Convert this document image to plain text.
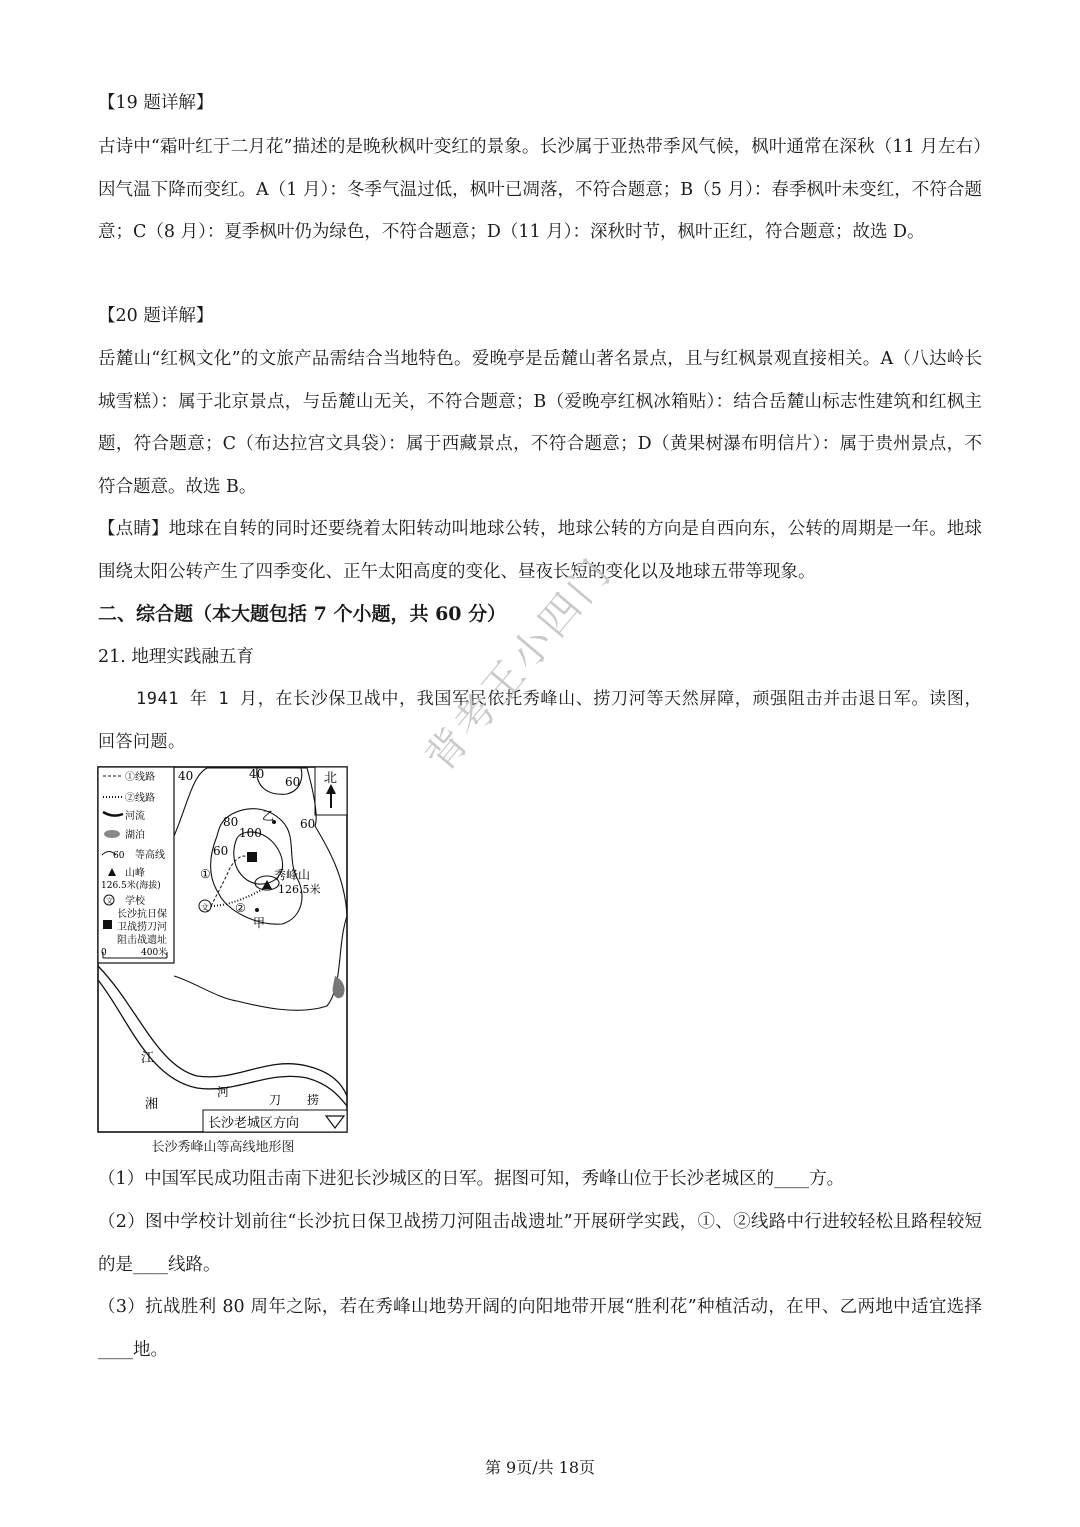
【19 题详解】

古诗中“霜叶红于二月花”描述的是晚秋枫叶变红的景象。长沙属于亚热带季风气候，枫叶通常在深秋（11 月左右）因气温下降而变红。A（1 月）：冬季气温过低，枫叶已凋落，不符合题意；B（5 月）：春季枫叶未变红，不符合题意；C（8 月）：夏季枫叶仍为绿色，不符合题意；D（11 月）：深秋时节，枫叶正红，符合题意；故选 D。

【20 题详解】

岳麓山“红枫文化”的文旅产品需结合当地特色。爱晚亭是岳麓山著名景点，且与红枫景观直接相关。A（八达岭长城雪糕）：属于北京景点，与岳麓山无关，不符合题意；B（爱晚亭红枫冰箱贴）：结合岳麓山标志性建筑和红枫主题，符合题意；C（布达拉宫文具袋）：属于西藏景点，不符合题意；D（黄果树瀑布明信片）：属于贵州景点，不符合题意。故选 B。

【点睛】地球在自转的同时还要绕着太阳转动叫地球公转，地球公转的方向是自西向东，公转的周期是一年。地球围绕太阳公转产生了四季变化、正午太阳高度的变化、昼夜长短的变化以及地球五带等现象。

二、综合题（本大题包括 7 个小题，共 60 分）

21. 地理实践融五育

1941 年 1 月，在长沙保卫战中，我国军民依托秀峰山、捞刀河等天然屏障，顽强阻击并击退日军。读图，回答问题。	背考王小四门
①线路
②线路
河流
湖泊
60 等高线
山峰
126.5米(海拔)
文 学校
长沙抗日保
卫战捞刀河
阻击战遗址
0	400米
北
秀峰山
126.5米
文
①
②
甲
乙
40	40
60
60
80
100
60
江
湘
河
刀 捞
长沙老城区方向
长沙秀峰山等高线地形图

（1）中国军民成功阻击南下进犯长沙城区的日军。据图可知，秀峰山位于长沙老城区的____方。

（2）图中学校计划前往“长沙抗日保卫战捞刀河阻击战遗址”开展研学实践，①、②线路中行进较轻松且路程较短的是____线路。

（3）抗战胜利 80 周年之际，若在秀峰山地势开阔的向阳地带开展“胜利花”种植活动，在甲、乙两地中适宜选择____地。

第 9页/共 18页
